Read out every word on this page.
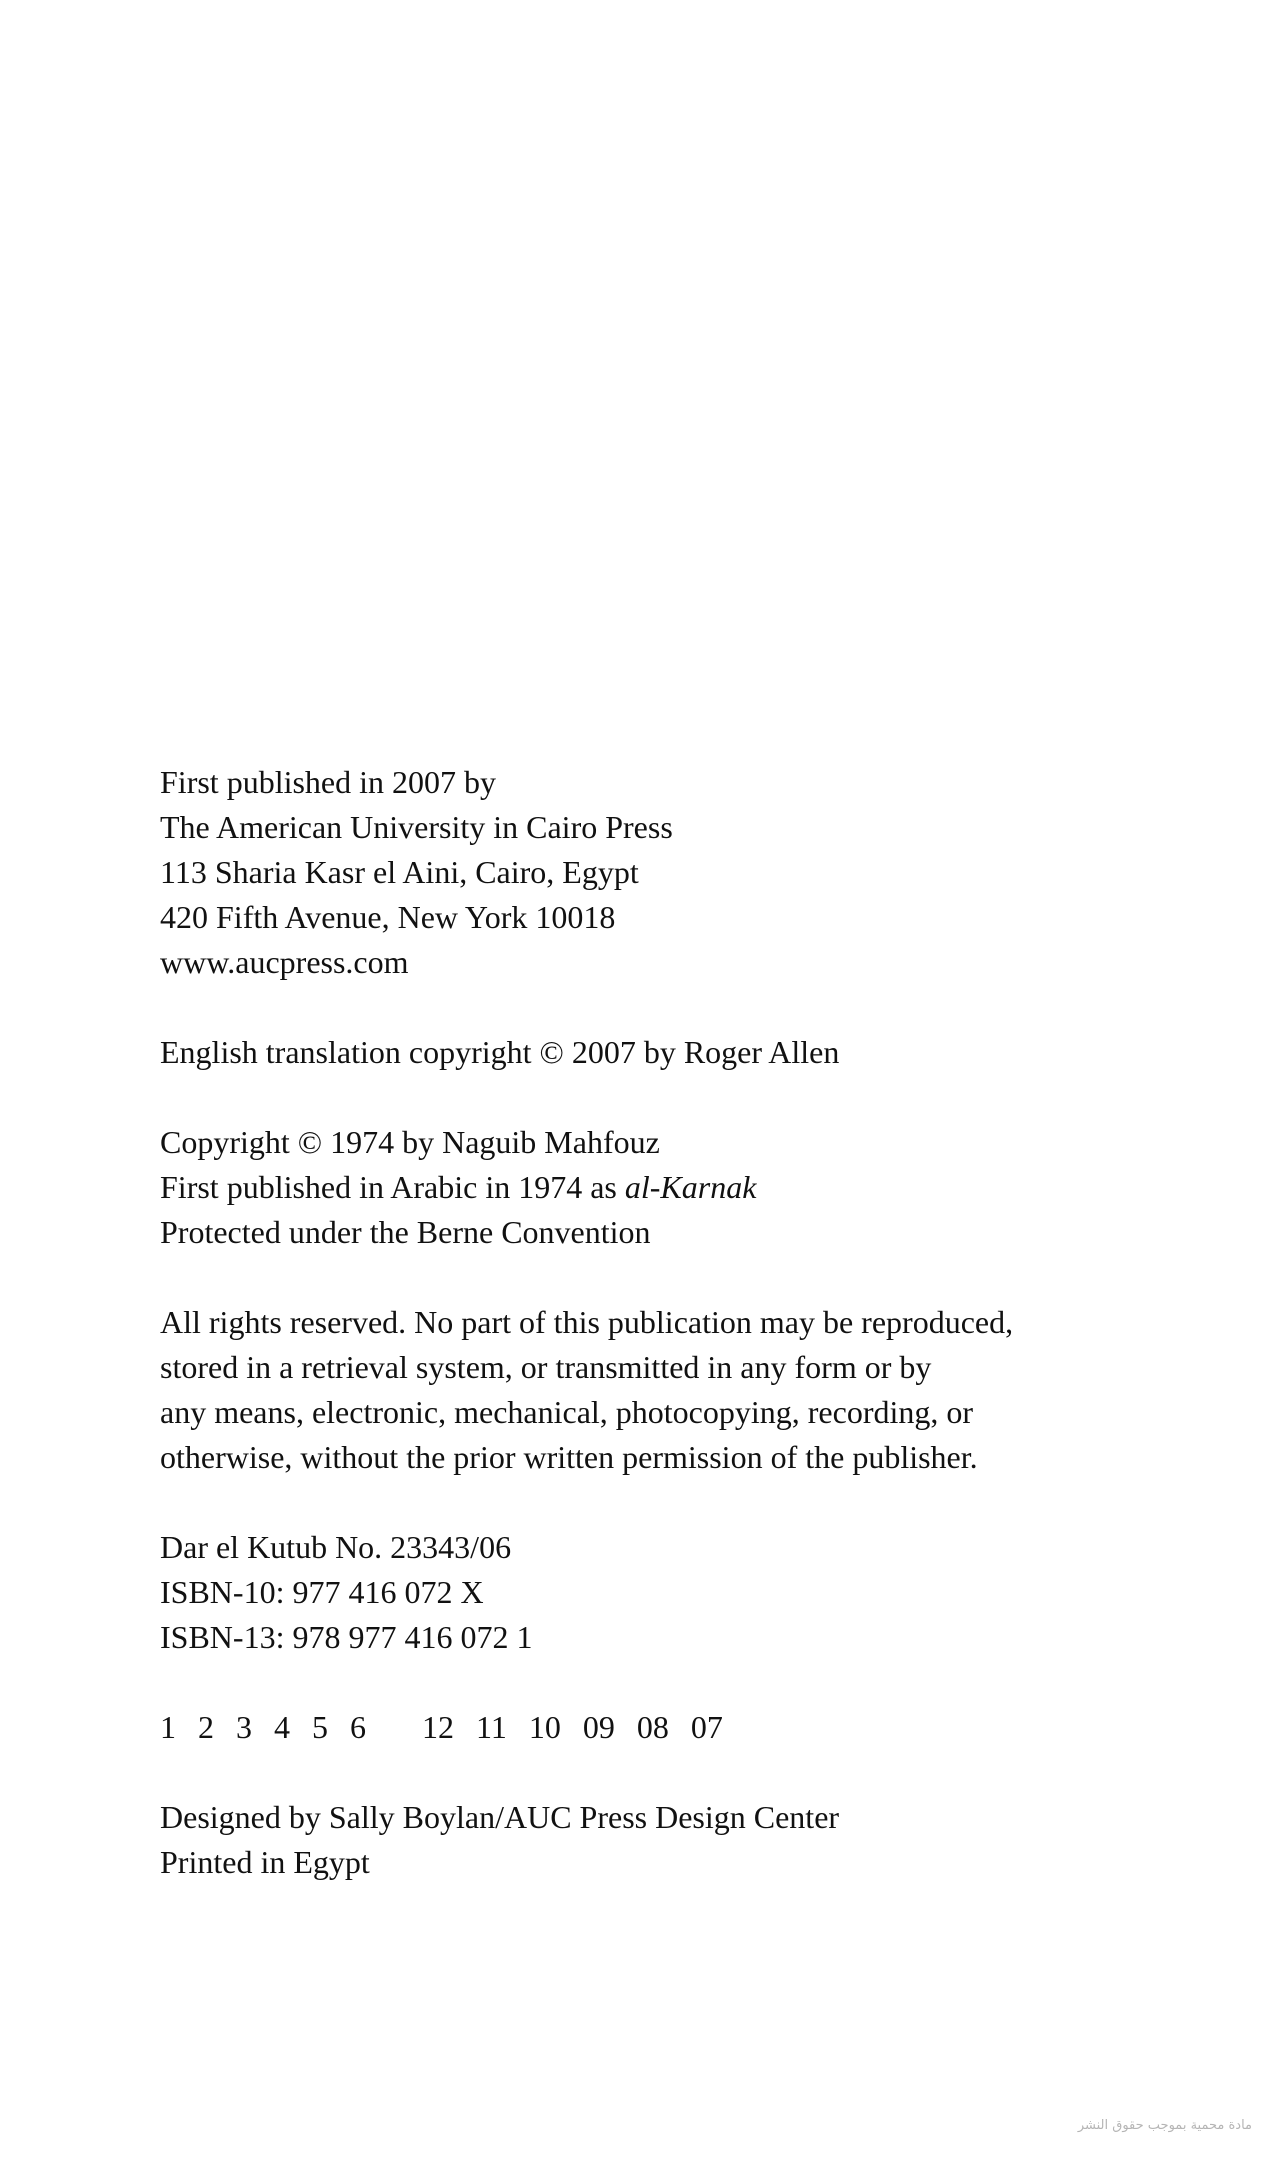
First published in 2007 by
The American University in Cairo Press
113 Sharia Kasr el Aini, Cairo, Egypt
420 Fifth Avenue, New York 10018
www.aucpress.com

English translation copyright © 2007 by Roger Allen

Copyright © 1974 by Naguib Mahfouz
First published in Arabic in 1974 as al-Karnak
Protected under the Berne Convention

All rights reserved. No part of this publication may be reproduced,
stored in a retrieval system, or transmitted in any form or by
any means, electronic, mechanical, photocopying, recording, or
otherwise, without the prior written permission of the publisher.

Dar el Kutub No. 23343/06
ISBN-10: 977 416 072 X
ISBN-13: 978 977 416 072 1

1 2 3 4 5 6 12 11 10 09 08 07

Designed by Sally Boylan/AUC Press Design Center
Printed in Egypt

مادة محمية بموجب حقوق النشر
